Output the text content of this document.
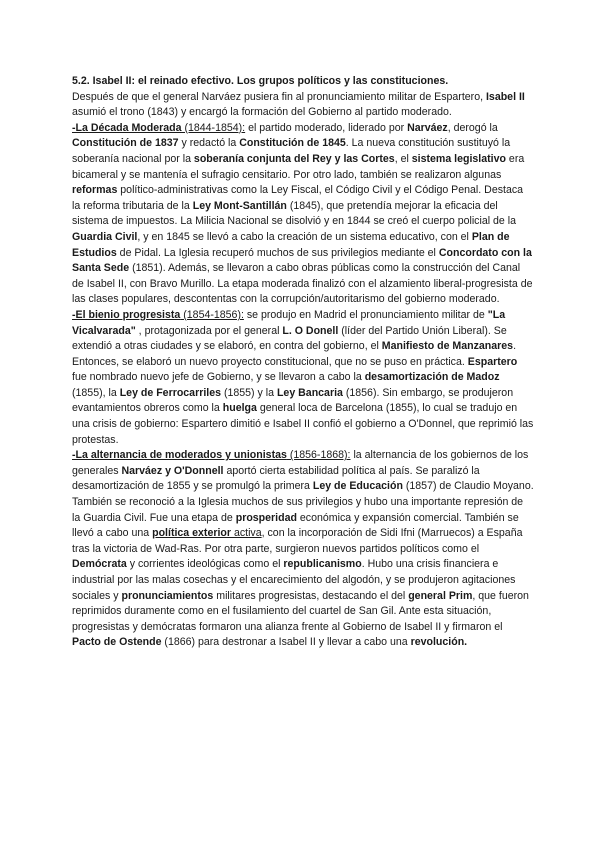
5.2. Isabel II: el reinado efectivo. Los grupos políticos y las constituciones.

Después de que el general Narváez pusiera fin al pronunciamiento militar de Espartero, Isabel II asumió el trono (1843) y encargó la formación del Gobierno al partido moderado.

-La Década Moderada (1844-1854): el partido moderado, liderado por Narváez, derogó la Constitución de 1837 y redactó la Constitución de 1845. La nueva constitución sustituyó la soberanía nacional por la soberanía conjunta del Rey y las Cortes, el sistema legislativo era bicameral y se mantenía el sufragio censitario. Por otro lado, también se realizaron algunas reformas político-administrativas como la Ley Fiscal, el Código Civil y el Código Penal. Destaca la reforma tributaria de la Ley Mont-Santillán (1845), que pretendía mejorar la eficacia del sistema de impuestos. La Milicia Nacional se disolvió y en 1844 se creó el cuerpo policial de la Guardia Civil, y en 1845 se llevó a cabo la creación de un sistema educativo, con el Plan de Estudios de Pidal. La Iglesia recuperó muchos de sus privilegios mediante el Concordato con la Santa Sede (1851). Además, se llevaron a cabo obras públicas como la construcción del Canal de Isabel II, con Bravo Murillo. La etapa moderada finalizó con el alzamiento liberal-progresista de las clases populares, descontentas con la corrupción/autoritarismo del gobierno moderado.

-El bienio progresista (1854-1856): se produjo en Madrid el pronunciamiento militar de "La Vicalvarada" , protagonizada por el general L. O Donell (líder del Partido Unión Liberal). Se extendió a otras ciudades y se elaboró, en contra del gobierno, el Manifiesto de Manzanares. Entonces, se elaboró un nuevo proyecto constitucional, que no se puso en práctica. Espartero fue nombrado nuevo jefe de Gobierno, y se llevaron a cabo la desamortización de Madoz (1855), la Ley de Ferrocarriles (1855) y la Ley Bancaria (1856). Sin embargo, se produjeron evantamientos obreros como la huelga general loca de Barcelona (1855), lo cual se tradujo en una crisis de gobierno: Espartero dimitió e Isabel II confió el gobierno a O'Donnel, que reprimió las protestas.

-La alternancia de moderados y unionistas (1856-1868): la alternancia de los gobiernos de los generales Narváez y O'Donnell aportó cierta estabilidad política al país. Se paralizó la desamortización de 1855 y se promulgó la primera Ley de Educación (1857) de Claudio Moyano. También se reconoció a la Iglesia muchos de sus privilegios y hubo una importante represión de la Guardia Civil. Fue una etapa de prosperidad económica y expansión comercial. También se llevó a cabo una política exterior activa, con la incorporación de Sidi Ifni (Marruecos) a España tras la victoria de Wad-Ras. Por otra parte, surgieron nuevos partidos políticos como el Demócrata y corrientes ideológicas como el republicanismo. Hubo una crisis financiera e industrial por las malas cosechas y el encarecimiento del algodón, y se produjeron agitaciones sociales y pronunciamientos militares progresistas, destacando el del general Prim, que fueron reprimidos duramente como en el fusilamiento del cuartel de San Gil. Ante esta situación, progresistas y demócratas formaron una alianza frente al Gobierno de Isabel II y firmaron el Pacto de Ostende (1866) para destronar a Isabel II y llevar a cabo una revolución.
